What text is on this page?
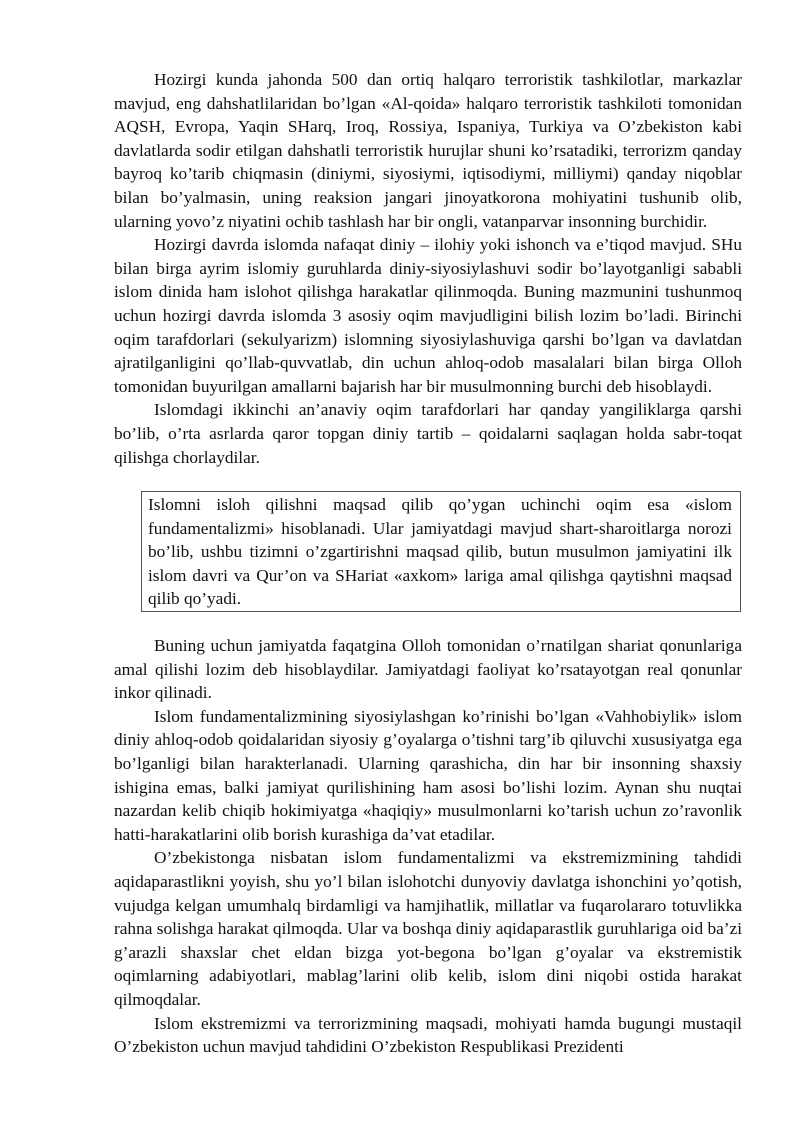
Hozirgi kunda jahonda 500 dan ortiq halqaro terroristik tashkilotlar, markazlar mavjud, eng dahshatlilaridan bo’lgan «Al-qoida» halqaro terroristik tashkiloti tomonidan AQSH, Evropa, Yaqin SHarq, Iroq, Rossiya, Ispaniya, Turkiya va O’zbekiston kabi davlatlarda sodir etilgan dahshatli terroristik hurujlar shuni ko’rsatadiki, terrorizm qanday bayroq ko’tarib chiqmasin (diniymi, siyosiymi, iqtisodiymi, milliymi) qanday niqoblar bilan bo’yalmasin, uning reaksion jangari jinoyatkorona mohiyatini tushunib olib, ularning yovo’z niyatini ochib tashlash har bir ongli, vatanparvar insonning burchidir.

Hozirgi davrda islomda nafaqat diniy – ilohiy yoki ishonch va e’tiqod mavjud. SHu bilan birga ayrim islomiy guruhlarda diniy-siyosiylashuvi sodir bo’layotganligi sababli islom dinida ham islohot qilishga harakatlar qilinmoqda. Buning mazmunini tushunmoq uchun hozirgi davrda islomda 3 asosiy oqim mavjudligini bilish lozim bo’ladi. Birinchi oqim tarafdorlari (sekulyarizm) islomning siyosiylashuviga qarshi bo’lgan va davlatdan ajratilganligini qo’llab-quvvatlab, din uchun ahloq-odob masalalari bilan birga Olloh tomonidan buyurilgan amallarni bajarish har bir musulmonning burchi deb hisoblaydi.

Islomdagi ikkinchi an’anaviy oqim tarafdorlari har qanday yangiliklarga qarshi bo’lib, o’rta asrlarda qaror topgan diniy tartib – qoidalarni saqlagan holda sabr-toqat qilishga chorlaydilar.

Islomni isloh qilishni maqsad qilib qo’ygan uchinchi oqim esa «islom fundamentalizmi» hisoblanadi. Ular jamiyatdagi mavjud shart-sharoitlarga norozi bo’lib, ushbu tizimni o’zgartirishni maqsad qilib, butun musulmon jamiyatini ilk islom davri va Qur’on va SHariat «axkom» lariga amal qilishga qaytishni maqsad qilib qo’yadi.

Buning uchun jamiyatda faqatgina Olloh tomonidan o’rnatilgan shariat qonunlariga amal qilishi lozim deb hisoblaydilar. Jamiyatdagi faoliyat ko’rsatayotgan real qonunlar inkor qilinadi.

Islom fundamentalizmining siyosiylashgan ko’rinishi bo’lgan «Vahhobiylik» islom diniy ahloq-odob qoidalaridan siyosiy g’oyalarga o’tishni targ’ib qiluvchi xususiyatga ega bo’lganligi bilan harakterlanadi. Ularning qarashicha, din har bir insonning shaxsiy ishigina emas, balki jamiyat qurilishining ham asosi bo’lishi lozim. Aynan shu nuqtai nazardan kelib chiqib hokimiyatga «haqiqiy» musulmonlarni ko’tarish uchun zo’ravonlik hatti-harakatlarini olib borish kurashiga da’vat etadilar.

O’zbekistonga nisbatan islom fundamentalizmi va ekstremizmining tahdidi aqidaparastlikni yoyish, shu yo’l bilan islohotchi dunyoviy davlatga ishonchini yo’qotish, vujudga kelgan umumhalq birdamligi va hamjihatlik, millatlar va fuqarolararo totuvlikka rahna solishga harakat qilmoqda. Ular va boshqa diniy aqidaparastlik guruhlariga oid ba’zi g’arazli shaxslar chet eldan bizga yot-begona bo’lgan g’oyalar va ekstremistik oqimlarning adabiyotlari, mablag’larini olib kelib, islom dini niqobi ostida harakat qilmoqdalar.

Islom ekstremizmi va terrorizmining maqsadi, mohiyati hamda bugungi mustaqil O’zbekiston uchun mavjud tahdidini O’zbekiston Respublikasi Prezidenti
